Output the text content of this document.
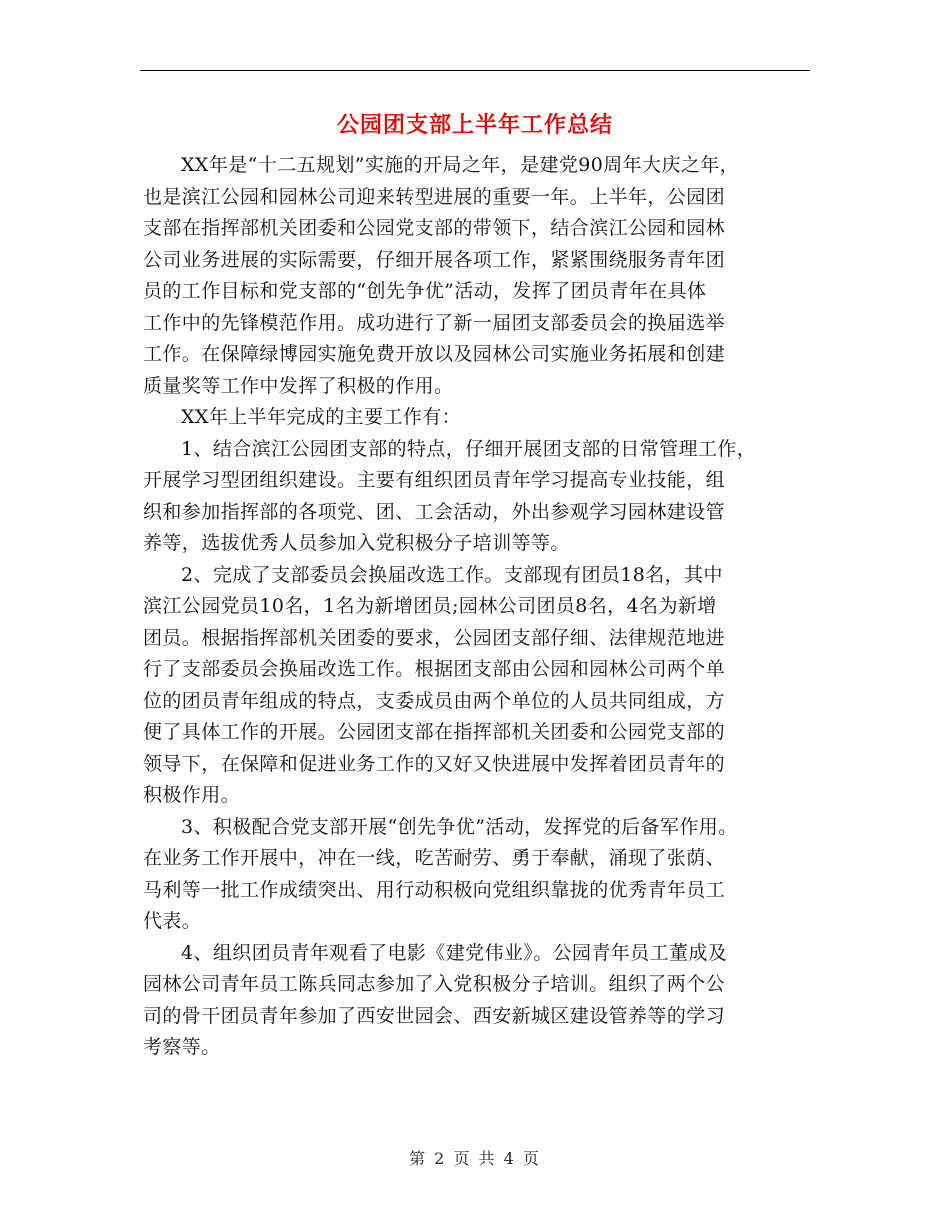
公园团支部上半年工作总结
XX年是“十二五规划”实施的开局之年，是建党90周年大庆之年，
也是滨江公园和园林公司迎来转型进展的重要一年。上半年，公园团
支部在指挥部机关团委和公园党支部的带领下，结合滨江公园和园林
公司业务进展的实际需要，仔细开展各项工作，紧紧围绕服务青年团
员的工作目标和党支部的“创先争优”活动，发挥了团员青年在具体
工作中的先锋模范作用。成功进行了新一届团支部委员会的换届选举
工作。在保障绿博园实施免费开放以及园林公司实施业务拓展和创建
质量奖等工作中发挥了积极的作用。
XX年上半年完成的主要工作有：
1、结合滨江公园团支部的特点，仔细开展团支部的日常管理工作，
开展学习型团组织建设。主要有组织团员青年学习提高专业技能，组
织和参加指挥部的各项党、团、工会活动，外出参观学习园林建设管
养等，选拔优秀人员参加入党积极分子培训等等。
2、完成了支部委员会换届改选工作。支部现有团员18名，其中
滨江公园党员10名，1名为新增团员;园林公司团员8名，4名为新增
团员。根据指挥部机关团委的要求，公园团支部仔细、法律规范地进
行了支部委员会换届改选工作。根据团支部由公园和园林公司两个单
位的团员青年组成的特点，支委成员由两个单位的人员共同组成，方
便了具体工作的开展。公园团支部在指挥部机关团委和公园党支部的
领导下，在保障和促进业务工作的又好又快进展中发挥着团员青年的
积极作用。
3、积极配合党支部开展“创先争优”活动，发挥党的后备军作用。
在业务工作开展中，冲在一线，吃苦耐劳、勇于奉献，涌现了张荫、
马利等一批工作成绩突出、用行动积极向党组织靠拢的优秀青年员工
代表。
4、组织团员青年观看了电影《建党伟业》。公园青年员工董成及
园林公司青年员工陈兵同志参加了入党积极分子培训。组织了两个公
司的骨干团员青年参加了西安世园会、西安新城区建设管养等的学习
考察等。
第 2 页 共 4 页
